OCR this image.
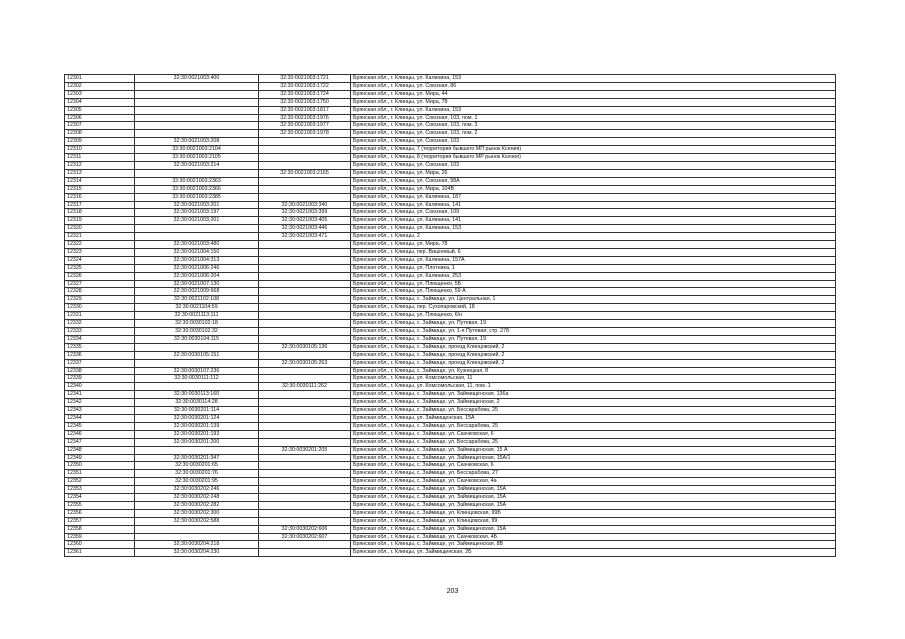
12301	32:30:0021003:400	32:30:0021003:1721	Брянская обл., г. Клинцы, ул. Калинина, 153
12302		32:30:0021003:1722	Брянская обл., г. Клинцы, ул. Союзная, 86
12303		32:30:0021003:1724	Брянская обл., г. Клинцы, ул. Мира, 44
12304		32:30:0021003:1750	Брянская обл., г. Клинцы, ул. Мира, 78
12305		32:30:0021003:1817	Брянская обл., г. Клинцы, ул. Калинина, 153
12306		32:30:0021003:1976	Брянская обл., г. Клинцы, ул. Союзная, 103, пом. 1
12307		32:30:0021003:1977	Брянская обл., г. Клинцы, ул. Союзная, 103, пом. 3
12308		32:30:0021003:1978	Брянская обл., г. Клинцы, ул. Союзная, 103, пом. 2
12309	32:30:0021003:208		Брянская обл., г. Клинцы, ул. Союзная, 103
12310	32:30:0021003:2104		Брянская обл., г. Клинцы, 7 (территория бывшего МП рынок Ксения)
12311	32:30:0021003:2105		Брянская обл., г. Клинцы, 8 (территория бывшего МР рынок Ксения)
12312	32:30:0021003:214		Брянская обл., г. Клинцы, ул. Союзная, 103
12313		32:30:0021003:2165	Брянская обл., г. Клинцы, ул. Мира, 26
12314	32:30:0021003:2363		Брянская обл., г. Клинцы, ул. Союзная, 98А
12315	32:30:0021003:2366		Брянская обл., г. Клинцы, ул. Мира, 104В
12316	32:30:0021003:2385		Брянская обл., г. Клинцы, ул. Калинина, 187
12317	32:30:0021003:201	32:30:0021003:340	Брянская обл., г. Клинцы, ул. Калинина, 141
12318	32:30:0021003:197	32:30:0021003:399	Брянская обл., г. Клинцы, ул. Союзная, 109
12319	32:30:0021003:201	32:30:0021003:405	Брянская обл., г. Клинцы, ул. Калинина, 141
12320		32:30:0021003:446	Брянская обл., г. Клинцы, ул. Калинина, 153
12321		32:30:0021003:471	Брянская обл., г. Клинцы, 2
12322	32:30:0021003:480		Брянская обл., г. Клинцы, ул. Мира, 78
12323	32:30:0021004:150		Брянская обл., г. Клинцы, пер. Вишневый, 6
12324	32:30:0021004:313		Брянская обл., г. Клинцы, ул. Калинина, 157А
12325	32:30:0021006:246		Брянская обл., г. Клинцы, ул. Плотника, 1
12326	32:30:0021006:204		Брянская обл., г. Клинцы, ул. Калинина, 253
12327	32:30:0021007:130		Брянская обл., г. Клинцы, ул. Плющенко, 5Б
12328	32:30:0021009:668		Брянская обл., г. Клинцы, ул. Плющенко, 59 А
12329	32:30:0021102:108		Брянская обл., г. Клинцы, с. Займище, ул. Центральная, 1
12330	32:30:0021104:59		Брянская обл., г. Клинцы, пер. Сухопаровский, 18
12331	32:30:0021113:111		Брянская обл., г. Клинцы, ул. Плющенко, 6/н
12332	32:30:0030102:18		Брянская обл., г. Клинцы, с. Займище, ул. Путевая, 19
12333	32:30:0030102:32		Брянская обл., г. Клинцы, с. Займище, ул. 1-я Путевая, стр. 27Б
12334	32:30:0030104:115		Брянская обл., г. Клинцы, с. Займище, ул. Путевая, 19
12335		32:30:0030105:136	Брянская обл., г. Клинцы, с. Займище, проезд Клинцовский, 2
12336	32:30:0030105:151		Брянская обл., г. Клинцы, с. Займище, проезд Клинцовский, 2
12337		32:30:0030105:263	Брянская обл., г. Клинцы, с. Займище, проезд Клинцовский, 2
12338	32:30:0030107:236		Брянская обл., г. Клинцы, с. Займище, ул. Кузнецкая, 8
12339	32:30:0030111:112		Брянская обл., г. Клинцы, ул. Комсомольская, 11
12340		32:30:0030111:262	Брянская обл., г. Клинцы, ул. Комсомольская, 11, пом. 1
12341	32:30:0030113:160		Брянская обл., г. Клинцы, с. Займище, ул. Займищенская, 136а
12342	32:30:0030114:28		Брянская обл., г. Клинцы, с. Займище, ул. Займищенская, 2
12343	32:30:0030201:114		Брянская обл., г. Клинцы, с. Займище, ул. Бессарабова, 25
12344	32:30:0030201:124		Брянская обл., г. Клинцы, ул. Займищенская, 15А
12345	32:30:0030201:139		Брянская обл., г. Клинцы, с. Займище, ул. Бессарабова, 25
12346	32:30:0030201:193		Брянская обл., г. Клинцы, с. Займище, ул. Скачковская, 6
12347	32:30:0030201:200		Брянская обл., г. Клинцы, с. Займище, ул. Бессарабова, 25
12348		32:30:0030201:205	Брянская обл., г. Клинцы, с. Займище, ул. Займищенская, 15 А
12349	32:30:0030201:347		Брянская обл., г. Клинцы, с. Займище, ул. Займищенская, 15А/1
12350	32:30:0030201:65		Брянская обл., г. Клинцы, с. Займище, ул. Скачковская, 6
12351	32:30:0030201:76		Брянская обл., г. Клинцы, с. Займище, ул. Бессарабова, 27
12352	32:30:0030201:95		Брянская обл., г. Клинцы, с. Займище, ул. Скачковская, 4а
12353	32:30:0030202:246		Брянская обл., г. Клинцы, с. Займище, ул. Займищенская, 15А
12354	32:30:0030202:248		Брянская обл., г. Клинцы, с. Займище, ул. Займищенская, 15А
12355	32:30:0030202:282		Брянская обл., г. Клинцы, с. Займище, ул. Займищенская, 15А
12356	32:30:0030202:300		Брянская обл., г. Клинцы, с. Займище, ул. Клинцовская, 99Б
12357	32:30:0030202:588		Брянская обл., г. Клинцы, с. Займище, ул. Клинцовская, 99
12358		32:30:0030202:606	Брянская обл., г. Клинцы, с. Займище, ул. Займищенская, 15А
12359		32:30:0030202:607	Брянская обл., г. Клинцы, с. Займище, ул. Скачковская, 4Б
12360	32:30:0030204:218		Брянская обл., г. Клинцы, с. Займище, ул. Займищенская, 8В
12361	32:30:0030204:230		Брянская обл., г. Клинцы, ул. Займищенская, 2Б
203
